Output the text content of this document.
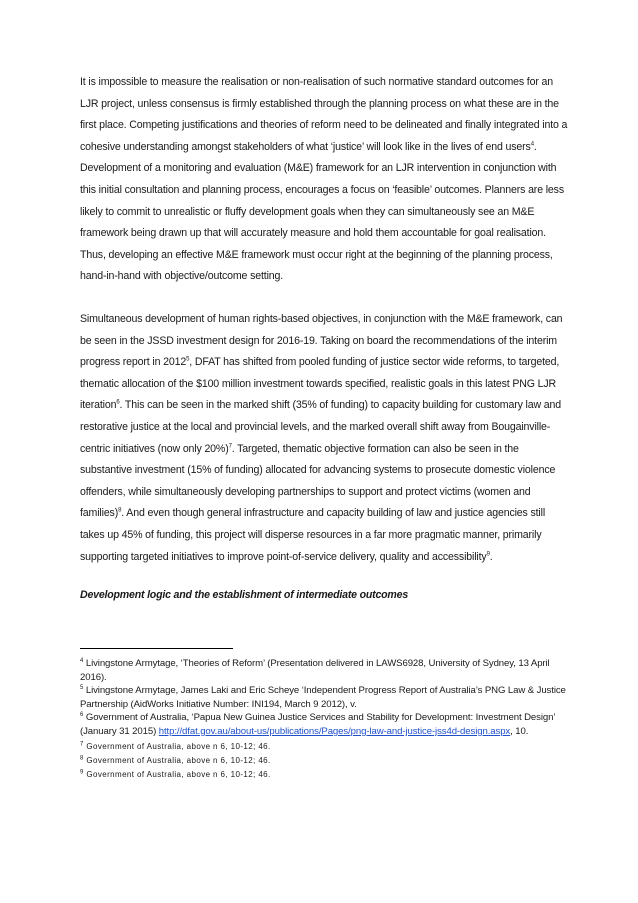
It is impossible to measure the realisation or non-realisation of such normative standard outcomes for an LJR project, unless consensus is firmly established through the planning process on what these are in the first place. Competing justifications and theories of reform need to be delineated and finally integrated into a cohesive understanding amongst stakeholders of what ‘justice’ will look like in the lives of end users$^4$. Development of a monitoring and evaluation (M&E) framework for an LJR intervention in conjunction with this initial consultation and planning process, encourages a focus on ‘feasible’ outcomes. Planners are less likely to commit to unrealistic or fluffy development goals when they can simultaneously see an M&E framework being drawn up that will accurately measure and hold them accountable for goal realisation. Thus, developing an effective M&E framework must occur right at the beginning of the planning process, hand-in-hand with objective/outcome setting.

Simultaneous development of human rights-based objectives, in conjunction with the M&E framework, can be seen in the JSSD investment design for 2016-19. Taking on board the recommendations of the interim progress report in 2012$^5$, DFAT has shifted from pooled funding of justice sector wide reforms, to targeted, thematic allocation of the $100 million investment towards specified, realistic goals in this latest PNG LJR iteration$^6$. This can be seen in the marked shift (35% of funding) to capacity building for customary law and restorative justice at the local and provincial levels, and the marked overall shift away from Bougainville-centric initiatives (now only 20%)$^7$. Targeted, thematic objective formation can also be seen in the substantive investment (15% of funding) allocated for advancing systems to prosecute domestic violence offenders, while simultaneously developing partnerships to support and protect victims (women and families)$^8$. And even though general infrastructure and capacity building of law and justice agencies still takes up 45% of funding, this project will disperse resources in a far more pragmatic manner, primarily supporting targeted initiatives to improve point-of-service delivery, quality and accessibility$^9$.

Development logic and the establishment of intermediate outcomes

$^4$ Livingstone Armytage, ‘Theories of Reform’ (Presentation delivered in LAWS6928, University of Sydney, 13 April 2016).

$^5$ Livingstone Armytage, James Laki and Eric Scheye ‘Independent Progress Report of Australia’s PNG Law & Justice Partnership (AidWorks Initiative Number: INI194, March 9 2012), v.

$^6$ Government of Australia, ‘Papua New Guinea Justice Services and Stability for Development: Investment Design’ (January 31 2015) http://dfat.gov.au/about-us/publications/Pages/png-law-and-justice-jss4d-design.aspx, 10.

$^7$ Government of Australia, above n 6, 10-12; 46.

$^8$ Government of Australia, above n 6, 10-12; 46.

$^9$ Government of Australia, above n 6, 10-12; 46.
